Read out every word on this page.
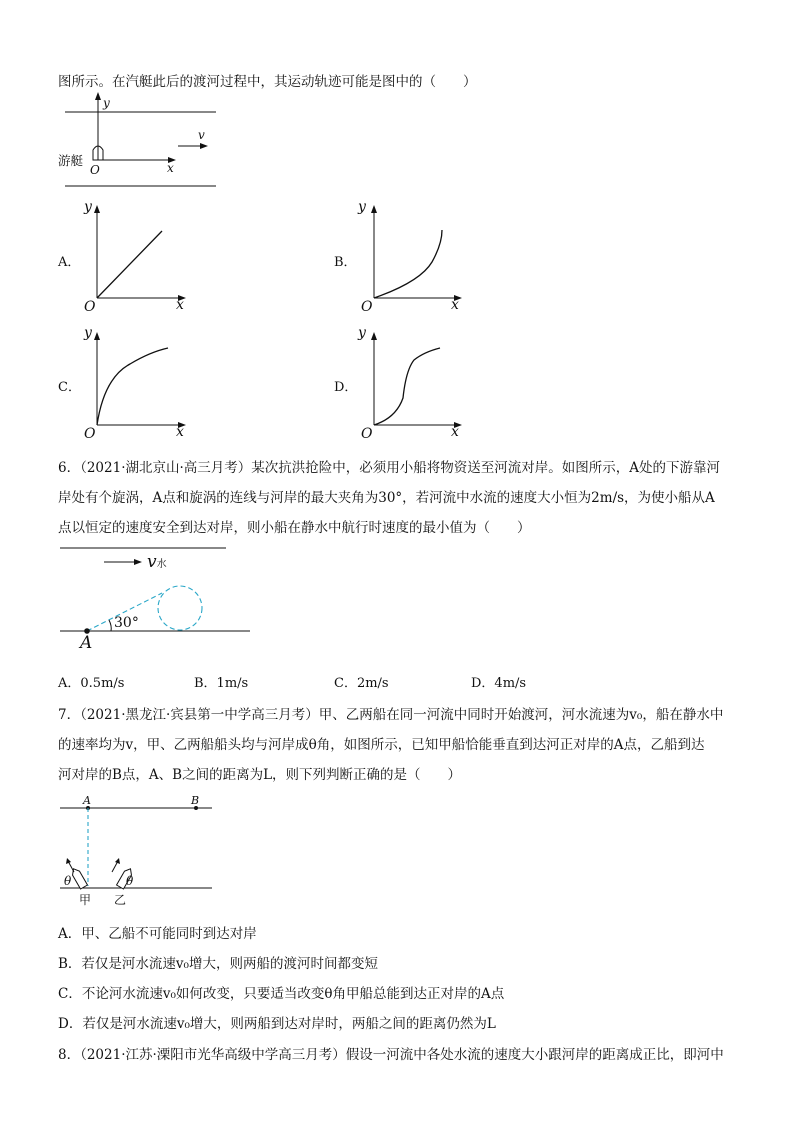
图所示。在汽艇此后的渡河过程中，其运动轨迹可能是图中的（　　）
y
x
O
游艇
v
A．
y
x
O
B．
y
x
O
C．
y
x
O
D．
y
x
O
6．（2021·湖北京山·高三月考）某次抗洪抢险中，必须用小船将物资送至河流对岸。如图所示，A处的下游靠河
岸处有个旋涡，A点和旋涡的连线与河岸的最大夹角为30°，若河流中水流的速度大小恒为2m/s，为使小船从A
点以恒定的速度安全到达对岸，则小船在静水中航行时速度的最小值为（　　）
v水
30°
A
A．0.5m/s	B．1m/s	C．2m/s	D．4m/s
7．（2021·黑龙江·宾县第一中学高三月考）甲、乙两船在同一河流中同时开始渡河，河水流速为v₀，船在静水中
的速率均为v，甲、乙两船船头均与河岸成θ角，如图所示，已知甲船恰能垂直到达河正对岸的A点，乙船到达
河对岸的B点，A、B之间的距离为L，则下列判断正确的是（　　）
A	B
θ	θ
甲 乙
A．甲、乙船不可能同时到达对岸
B．若仅是河水流速v₀增大，则两船的渡河时间都变短
C．不论河水流速v₀如何改变，只要适当改变θ角甲船总能到达正对岸的A点
D．若仅是河水流速v₀增大，则两船到达对岸时，两船之间的距离仍然为L
8．（2021·江苏·溧阳市光华高级中学高三月考）假设一河流中各处水流的速度大小跟河岸的距离成正比，即河中
